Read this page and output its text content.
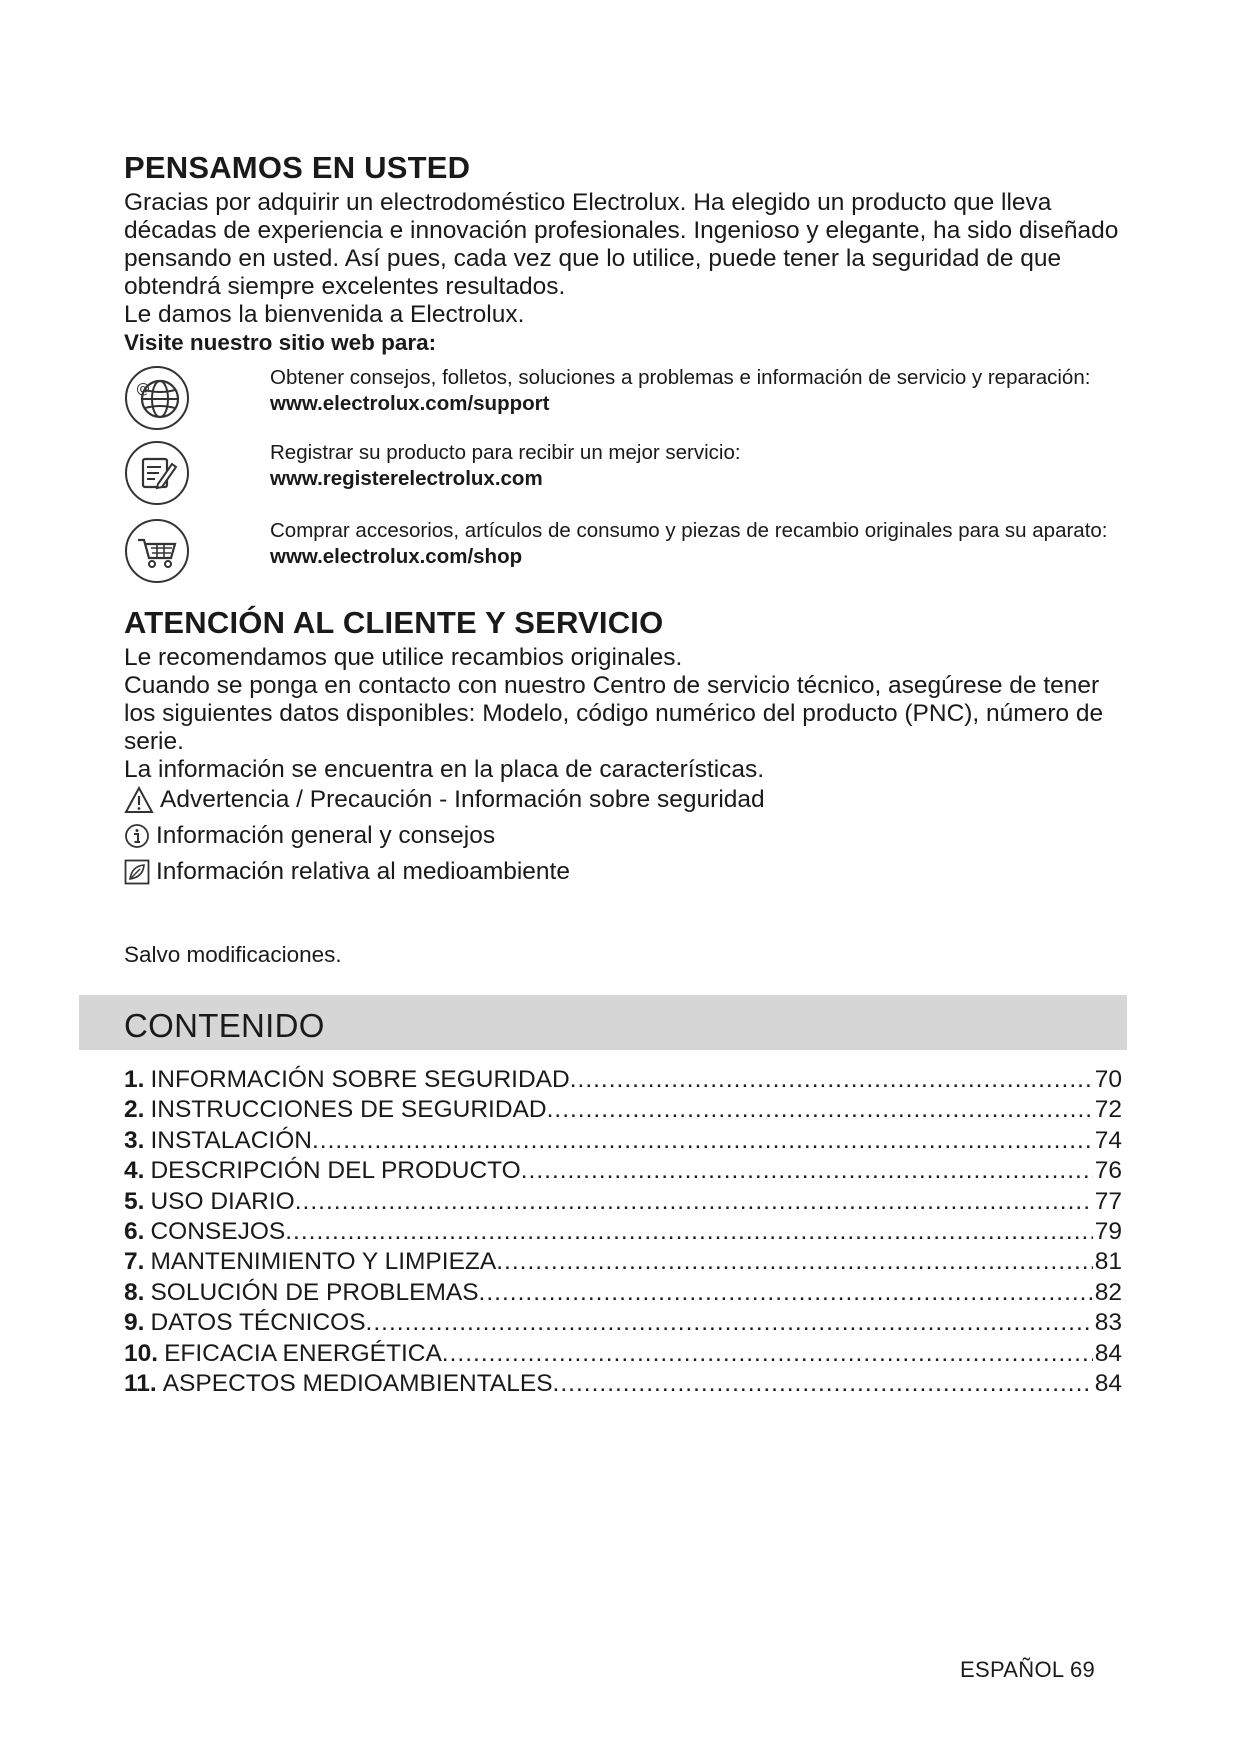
PENSAMOS EN USTED

Gracias por adquirir un electrodoméstico Electrolux. Ha elegido un producto que lleva décadas de experiencia e innovación profesionales. Ingenioso y elegante, ha sido diseñado pensando en usted. Así pues, cada vez que lo utilice, puede tener la seguridad de que obtendrá siempre excelentes resultados.

Le damos la bienvenida a Electrolux.

Visite nuestro sitio web para:

@	Obtener consejos, folletos, soluciones a problemas e información de servicio y reparación:
www.electrolux.com/support
Registrar su producto para recibir un mejor servicio:
www.registerelectrolux.com
Comprar accesorios, artículos de consumo y piezas de recambio originales para su aparato:
www.electrolux.com/shop
ATENCIÓN AL CLIENTE Y SERVICIO

Le recomendamos que utilice recambios originales.

Cuando se ponga en contacto con nuestro Centro de servicio técnico, asegúrese de tener los siguientes datos disponibles: Modelo, código numérico del producto (PNC), número de serie.

La información se encuentra en la placa de características.

Advertencia / Precaución - Información sobre seguridad
Información general y consejos
Información relativa al medioambiente
Salvo modificaciones.
CONTENIDO
1. INFORMACIÓN SOBRE SEGURIDAD .....	70
2. INSTRUCCIONES DE SEGURIDAD .....	72
3. INSTALACIÓN .....	74
4. DESCRIPCIÓN DEL PRODUCTO .....	76
5. USO DIARIO .....	77
6. CONSEJOS .....	79
7. MANTENIMIENTO Y LIMPIEZA .....	81
8. SOLUCIÓN DE PROBLEMAS .....	82
9. DATOS TÉCNICOS .....	83
10. EFICACIA ENERGÉTICA .....	84
11. ASPECTOS MEDIOAMBIENTALES .....	84
ESPAÑOL 69
